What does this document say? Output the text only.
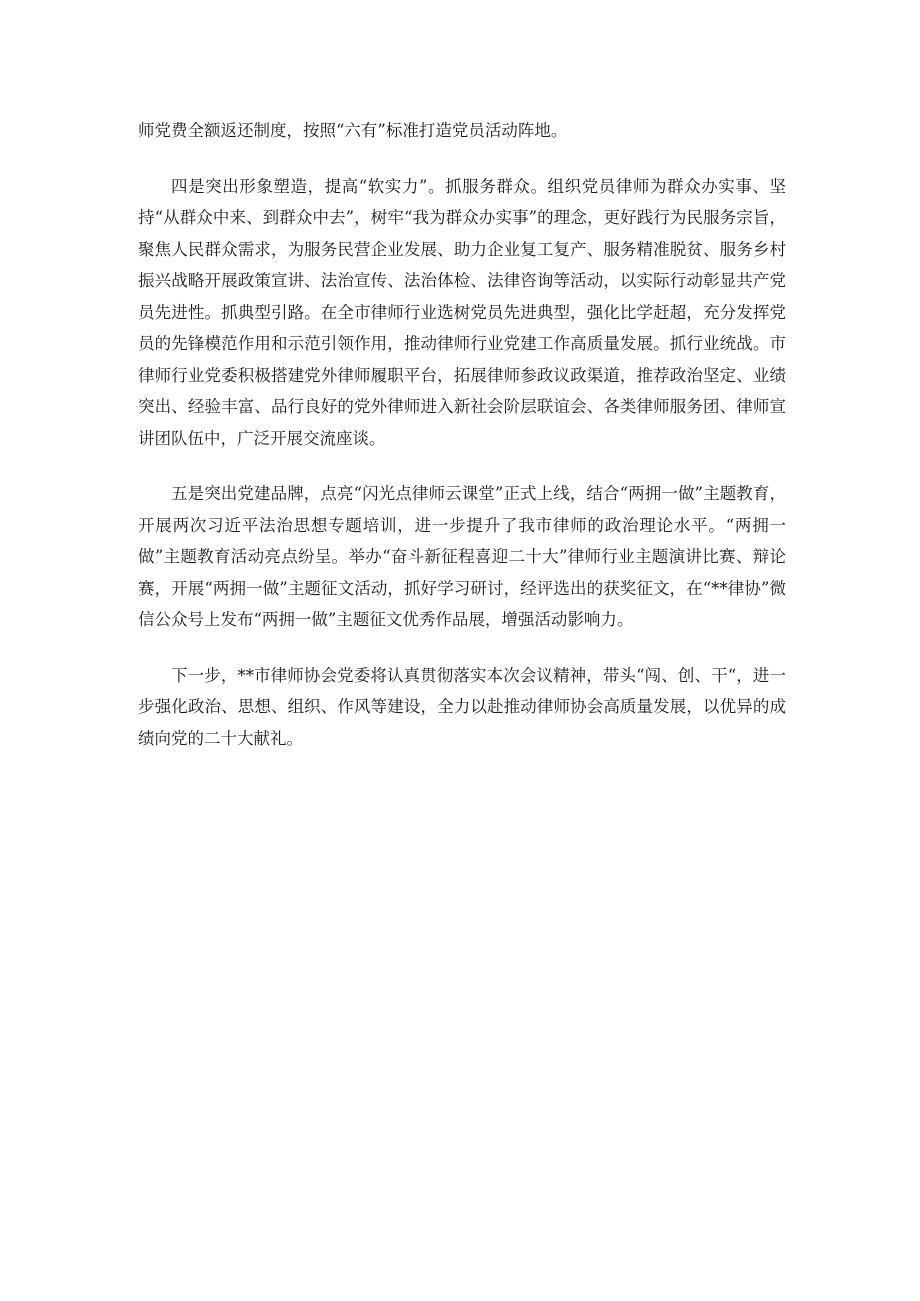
师党费全额返还制度，按照“六有”标准打造党员活动阵地。

四是突出形象塑造，提高“软实力”。抓服务群众。组织党员律师为群众办实事、坚持“从群众中来、到群众中去”，树牢“我为群众办实事”的理念，更好践行为民服务宗旨，聚焦人民群众需求，为服务民营企业发展、助力企业复工复产、服务精准脱贫、服务乡村振兴战略开展政策宣讲、法治宣传、法治体检、法律咨询等活动，以实际行动彰显共产党员先进性。抓典型引路。在全市律师行业选树党员先进典型，强化比学赶超，充分发挥党员的先锋模范作用和示范引领作用，推动律师行业党建工作高质量发展。抓行业统战。市律师行业党委积极搭建党外律师履职平台，拓展律师参政议政渠道，推荐政治坚定、业绩突出、经验丰富、品行良好的党外律师进入新社会阶层联谊会、各类律师服务团、律师宣讲团队伍中，广泛开展交流座谈。

五是突出党建品牌，点亮“闪光点律师云课堂”正式上线，结合“两拥一做”主题教育，开展两次习近平法治思想专题培训，进一步提升了我市律师的政治理论水平。“两拥一做”主题教育活动亮点纷呈。举办“奋斗新征程喜迎二十大”律师行业主题演讲比赛、辩论赛，开展“两拥一做”主题征文活动，抓好学习研讨，经评选出的获奖征文，在“**律协”微信公众号上发布“两拥一做”主题征文优秀作品展，增强活动影响力。

下一步，**市律师协会党委将认真贯彻落实本次会议精神，带头“闯、创、干“，进一步强化政治、思想、组织、作风等建设，全力以赴推动律师协会高质量发展，以优异的成绩向党的二十大献礼。
